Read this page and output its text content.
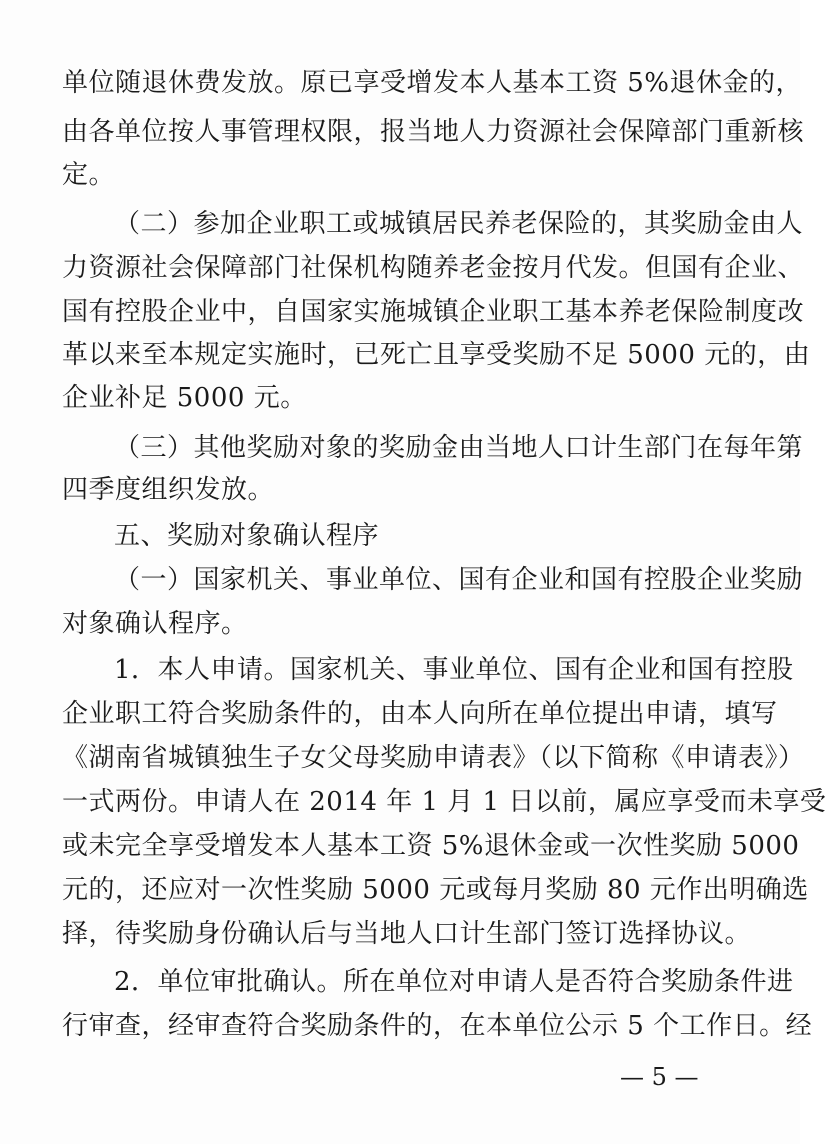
单位随退休费发放。原已享受增发本人基本工资 5%退休金的，
由各单位按人事管理权限，报当地人力资源社会保障部门重新核
定。
（二）参加企业职工或城镇居民养老保险的，其奖励金由人
力资源社会保障部门社保机构随养老金按月代发。但国有企业、
国有控股企业中，自国家实施城镇企业职工基本养老保险制度改
革以来至本规定实施时，已死亡且享受奖励不足 5000 元的，由
企业补足 5000 元。
（三）其他奖励对象的奖励金由当地人口计生部门在每年第
四季度组织发放。
五、奖励对象确认程序
（一）国家机关、事业单位、国有企业和国有控股企业奖励
对象确认程序。
1．本人申请。国家机关、事业单位、国有企业和国有控股
企业职工符合奖励条件的，由本人向所在单位提出申请，填写
《湖南省城镇独生子女父母奖励申请表》（以下简称《申请表》）
一式两份。申请人在 2014 年 1 月 1 日以前，属应享受而未享受
或未完全享受增发本人基本工资 5%退休金或一次性奖励 5000
元的，还应对一次性奖励 5000 元或每月奖励 80 元作出明确选
择，待奖励身份确认后与当地人口计生部门签订选择协议。
2．单位审批确认。所在单位对申请人是否符合奖励条件进
行审查，经审查符合奖励条件的，在本单位公示 5 个工作日。经
— 5 —
